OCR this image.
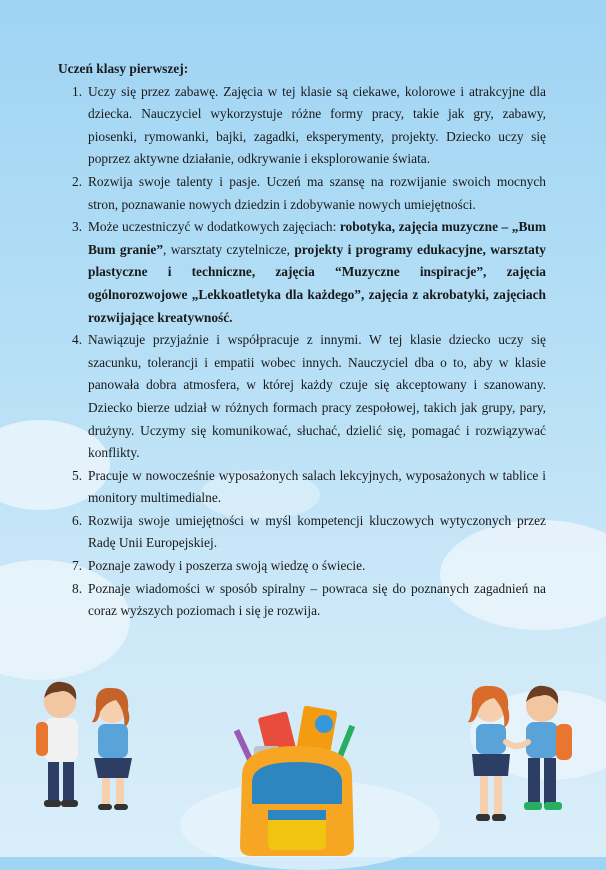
Uczeń klasy pierwszej:
1. Uczy się przez zabawę. Zajęcia w tej klasie są ciekawe, kolorowe i atrakcyjne dla dziecka. Nauczyciel wykorzystuje różne formy pracy, takie jak gry, zabawy, piosenki, rymowanki, bajki, zagadki, eksperymenty, projekty. Dziecko uczy się poprzez aktywne działanie, odkrywanie i eksplorowanie świata.
2. Rozwija swoje talenty i pasje. Uczeń ma szansę na rozwijanie swoich mocnych stron, poznawanie nowych dziedzin i zdobywanie nowych umiejętności.
3. Może uczestniczyć w dodatkowych zajęciach: robotyka, zajęcia muzyczne – „Bum Bum granie”, warsztaty czytelnicze, projekty i programy edukacyjne, warsztaty plastyczne i techniczne, zajęcia “Muzyczne inspiracje”, zajęcia ogólnorozwojowe „Lekkoatletyka dla każdego”, zajęcia z akrobatyki, zajęciach rozwijające kreatywność.
4. Nawiązuje przyjaźnie i współpracuje z innymi. W tej klasie dziecko uczy się szacunku, tolerancji i empatii wobec innych. Nauczyciel dba o to, aby w klasie panowała dobra atmosfera, w której każdy czuje się akceptowany i szanowany. Dziecko bierze udział w różnych formach pracy zespołowej, takich jak grupy, pary, drużyny. Uczymy się komunikować, słuchać, dzielić się, pomagać i rozwiązywać konflikty.
5. Pracuje w nowocześnie wyposażonych salach lekcyjnych, wyposażonych w tablice i monitory multimedialne.
6. Rozwija swoje umiejętności w myśl kompetencji kluczowych wytyczonych przez Radę Unii Europejskiej.
7. Poznaje zawody i poszerza swoją wiedzę o świecie.
8. Poznaje wiadomości w sposób spiralny – powraca się do poznanych zagadnień na coraz wyższych poziomach i się je rozwija.
